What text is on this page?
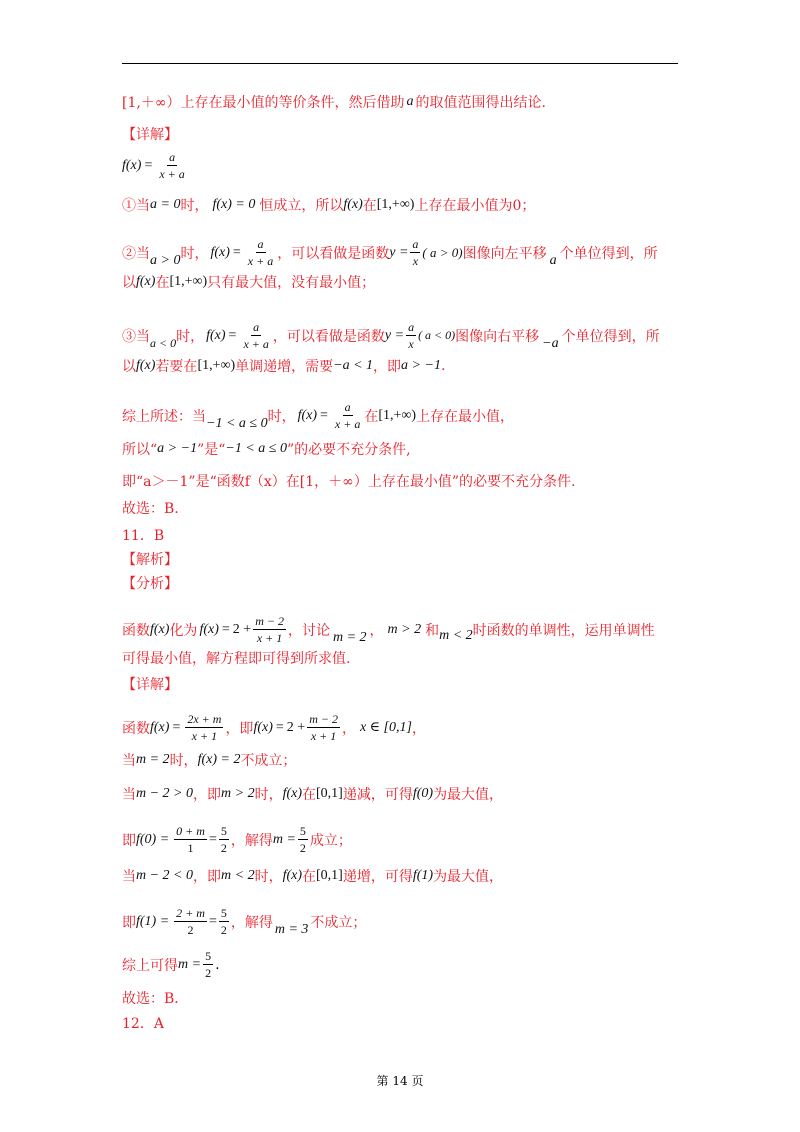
[1,＋∞）上存在最小值的等价条件，然后借助 a 的取值范围得出结论.
【详解】
$f(x) = \frac{a}{x + a}$
①当 a = 0 时， f(x) = 0 恒成立，所以 f(x) 在 [1,+∞) 上存在最小值为0；
②当 a > 0 时， $f(x) = \frac{a}{x + a}$ ，可以看做是函数 $y = \frac{a}{x}$ ( a > 0) 图像向左平移 a 个单位得到，所
以 f(x) 在 [1,+∞) 只有最大值，没有最小值；
③当 a < 0 时， $f(x) = \frac{a}{x + a}$ ，可以看做是函数 $y = \frac{a}{x}$ ( a < 0) 图像向右平移 −a 个单位得到，所
以 f(x) 若要在 [1,+∞) 单调递增，需要 −a < 1 ，即 a > −1 .
综上所述：当 −1 < a ≤ 0 时， $f(x) = \frac{a}{x + a}$ 在 [1,+∞) 上存在最小值，
所以“ a > −1 ”是“ −1 < a ≤ 0 ”的必要不充分条件,
即“a＞－1”是“函数f（x）在[1，＋∞）上存在最小值”的必要不充分条件.
故选：B.
11．B
【解析】
【分析】
函数 f(x) 化为 $f(x) = 2 + \frac{m - 2}{x + 1}$ ，讨论 m = 2 ， m > 2 和 m < 2 时函数的单调性，运用单调性
可得最小值，解方程即可得到所求值.
【详解】
函数 $f(x) = \frac{2x + m}{x + 1}$ ，即 $f(x) = 2 + \frac{m - 2}{x + 1}$ ， x ∈ [0,1] ，
当 m = 2 时， f(x) = 2 不成立；
当 m − 2 > 0 ，即 m > 2 时， f(x) 在 [0,1] 递减，可得 f(0) 为最大值，
即 $f(0) = \frac{0 + m}{1} = \frac{5}{2}$ ，解得 $m = \frac{5}{2}$ 成立；
当 m − 2 < 0 ，即 m < 2 时， f(x) 在 [0,1] 递增，可得 f(1) 为最大值，
即 $f(1) = \frac{2 + m}{2} = \frac{5}{2}$ ，解得 m = 3 不成立；
综上可得 $m = \frac{5}{2}$ .
故选：B．
12．A
第 14 页
